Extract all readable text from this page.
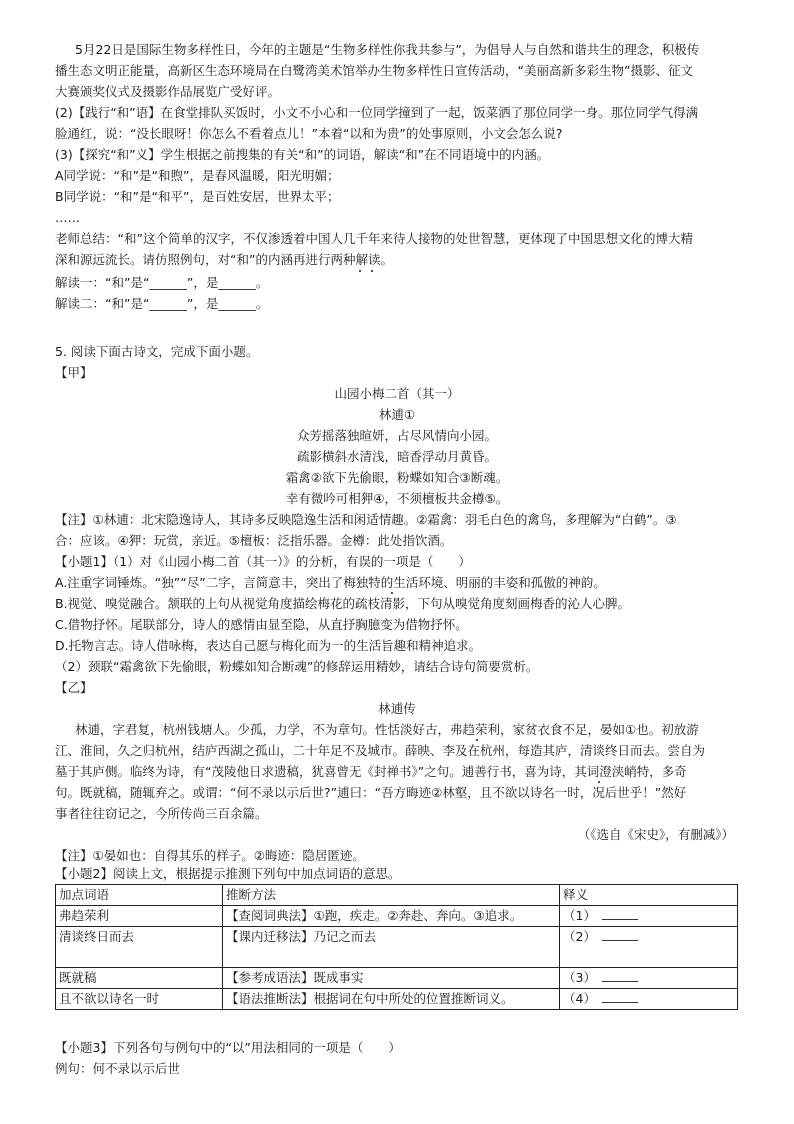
5月22日是国际生物多样性日，今年的主题是“生物多样性你我共参与”，为倡导人与自然和谐共生的理念，积极传
播生态文明正能量，高新区生态环境局在白鹭湾美术馆举办生物多样性日宣传活动，“美丽高新多彩生物”摄影、征文
大赛颁奖仪式及摄影作品展览广受好评。
(2)【践行“和”语】在食堂排队买饭时，小文不小心和一位同学撞到了一起，饭菜洒了那位同学一身。那位同学气得满
脸通红，说：“没长眼呀！你怎么不看着点儿！”本着“以和为贵”的处事原则，小文会怎么说?
(3)【探究“和”义】学生根据之前搜集的有关“和”的词语，解读“和”在不同语境中的内涵。
A同学说：“和”是“和煦”，是春风温暖，阳光明媚；
B同学说：“和”是“和平”，是百姓安居，世界太平；
……
老师总结：“和”这个简单的汉字，不仅渗透着中国人几千年来待人接物的处世智慧，更体现了中国思想文化的博大精
深和源远流长。请仿照例句，对“和”的内涵再进行两种解读。
解读一：“和”是“______”，是______。
解读二：“和”是“______”，是______。
5. 阅读下面古诗文，完成下面小题。
【甲】
山园小梅二首（其一）
林逋①
众芳摇落独暄妍，占尽风情向小园。
疏影横斜水清浅，暗香浮动月黄昏。
霜禽②欲下先偷眼，粉蝶如知合③断魂。
幸有微吟可相狎④，不须檀板共金樽⑤。
【注】①林逋：北宋隐逸诗人，其诗多反映隐逸生活和闲适情趣。②霜禽：羽毛白色的禽鸟，多理解为“白鹤”。③
合：应该。④狎：玩赏，亲近。⑤檀板：泛指乐器。金樽：此处指饮酒。
【小题1】（1）对《山园小梅二首（其一）》的分析，有误的一项是（　　）
A.注重字词锤炼。“独”“尽”二字，言简意丰，突出了梅独特的生活环境、明丽的丰姿和孤傲的神韵。
B.视觉、嗅觉融合。颔联的上句从视觉角度描绘梅花的疏枝清影，下句从嗅觉角度刻画梅香的沁人心脾。
C.借物抒怀。尾联部分，诗人的感情由显至隐，从直抒胸臆变为借物抒怀。
D.托物言志。诗人借咏梅，表达自己愿与梅化而为一的生活旨趣和精神追求。
（2）颈联“霜禽欲下先偷眼，粉蝶如知合断魂”的修辞运用精妙，请结合诗句简要赏析。
【乙】
林逋传
林逋，字君复，杭州钱塘人。少孤，力学，不为章句。性恬淡好古，弗趋荣利，家贫衣食不足，晏如①也。初放游
江、淮间，久之归杭州，结庐西湖之孤山，二十年足不及城市。薛映、李及在杭州，每造其庐，清谈终日而去。尝自为
墓于其庐侧。临终为诗，有“茂陵他日求遗稿，犹喜曾无《封禅书》”之句。逋善行书，喜为诗，其词澄浃峭特，多奇
句。既就稿，随辄弃之。或谓：“何不录以示后世?”逋曰：“吾方晦迹②林壑，且不欲以诗名一时，况后世乎！”然好
事者往往窃记之，今所传尚三百余篇。
（《选自《宋史》，有删减》）
【注】①晏如也：自得其乐的样子。②晦迹：隐居匿迹。
【小题2】阅读上文，根据提示推测下列句中加点词语的意思。
加点词语	推断方法	释义
弗趋荣利	【查阅词典法】①跑，疾走。②奔赴、奔向。③追求。	（1）
清谈终日而去	【课内迁移法】乃记之而去	（2）
既就稿	【参考成语法】既成事实	（3）
且不欲以诗名一时	【语法推断法】根据词在句中所处的位置推断词义。	（4）
【小题3】下列各句与例句中的“以”用法相同的一项是（　　）
例句：何不录以示后世
